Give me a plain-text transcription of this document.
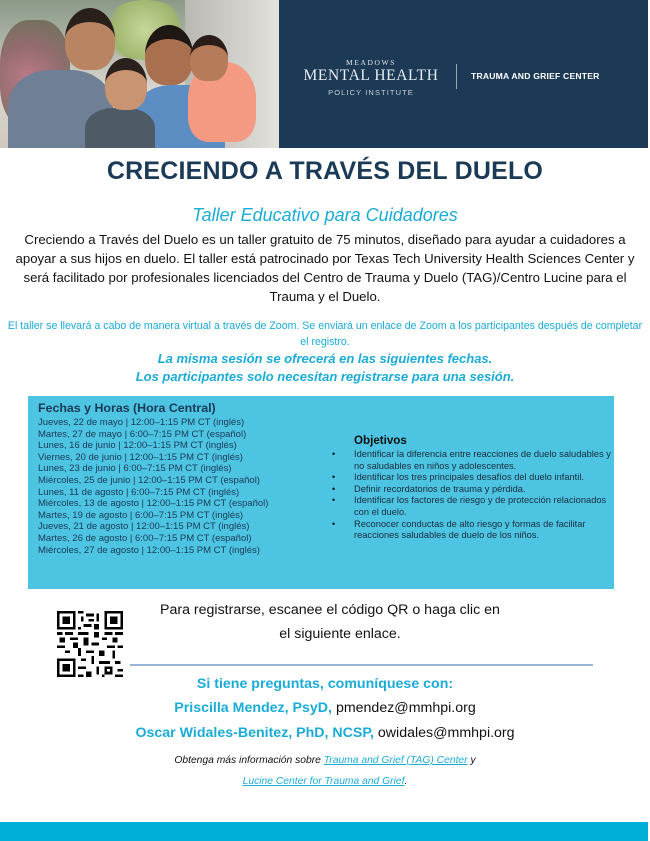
MEADOWS
MENTAL HEALTH
POLICY INSTITUTE
TRAUMA AND GRIEF CENTER
CRECIENDO A TRAVÉS DEL DUELO
Taller Educativo para Cuidadores

Creciendo a Través del Duelo es un taller gratuito de 75 minutos, diseñado para ayudar a cuidadores a apoyar a sus hijos en duelo. El taller está patrocinado por Texas Tech University Health Sciences Center y será facilitado por profesionales licenciados del Centro de Trauma y Duelo (TAG)/Centro Lucine para el Trauma y el Duelo.

El taller se llevará a cabo de manera virtual a través de Zoom. Se enviará un enlace de Zoom a los participantes después de completar el registro.

La misma sesión se ofrecerá en las siguientes fechas.
Los participantes solo necesitan registrarse para una sesión.
Fechas y Horas (Hora Central)
Jueves, 22 de mayo | 12:00–1:15 PM CT (inglés)
Martes, 27 de mayo | 6:00–7:15 PM CT (español)
Lunes, 16 de junio | 12:00–1:15 PM CT (inglés)
Viernes, 20 de junio | 12:00–1:15 PM CT (inglés)
Lunes, 23 de junio | 6:00–7:15 PM CT (inglés)
Miércoles, 25 de junio | 12:00–1:15 PM CT (español)
Lunes, 11 de agosto | 6:00–7:15 PM CT (inglés)
Miércoles, 13 de agosto | 12:00–1:15 PM CT (español)
Martes, 19 de agosto | 6:00–7:15 PM CT (inglés)
Jueves, 21 de agosto | 12:00–1:15 PM CT (inglés)
Martes, 26 de agosto | 6:00–7:15 PM CT (español)
Miércoles, 27 de agosto | 12:00–1:15 PM CT (inglés)
Objetivos
• Identificar la diferencia entre reacciones de duelo saludables y no saludables en niños y adolescentes.
• Identificar los tres principales desafíos del duelo infantil.
• Definir recordatorios de trauma y pérdida.
• Identificar los factores de riesgo y de protección relacionados con el duelo.
• Reconocer conductas de alto riesgo y formas de facilitar reacciones saludables de duelo de los niños.
Para registrarse, escanee el código QR o haga clic en
el siguiente enlace.
Si tiene preguntas, comuníquese con:
Priscilla Mendez, PsyD, pmendez@mmhpi.org
Oscar Widales-Benitez, PhD, NCSP, owidales@mmhpi.org
Obtenga más información sobre Trauma and Grief (TAG) Center y
Lucine Center for Trauma and Grief.
